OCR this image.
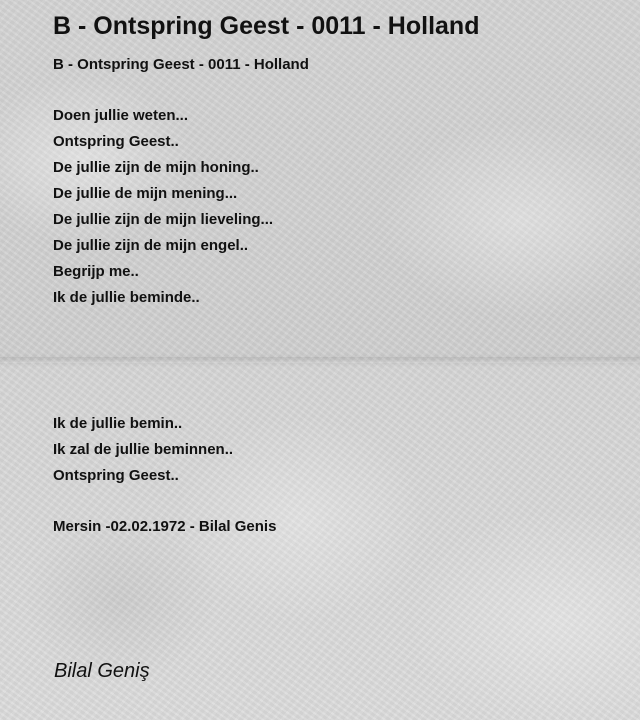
B - Ontspring Geest - 0011 - Holland

B - Ontspring Geest - 0011 - Holland

Doen jullie weten...
Ontspring Geest..
De jullie zijn de mijn honing..
De jullie de mijn mening...
De jullie zijn de mijn lieveling...
De jullie zijn de mijn engel..
Begrijp me..
Ik de jullie beminde..
Ik de jullie bemin..
Ik zal de jullie beminnen..
Ontspring Geest..
Mersin -02.02.1972 - Bilal Genis
Bilal Geniş
